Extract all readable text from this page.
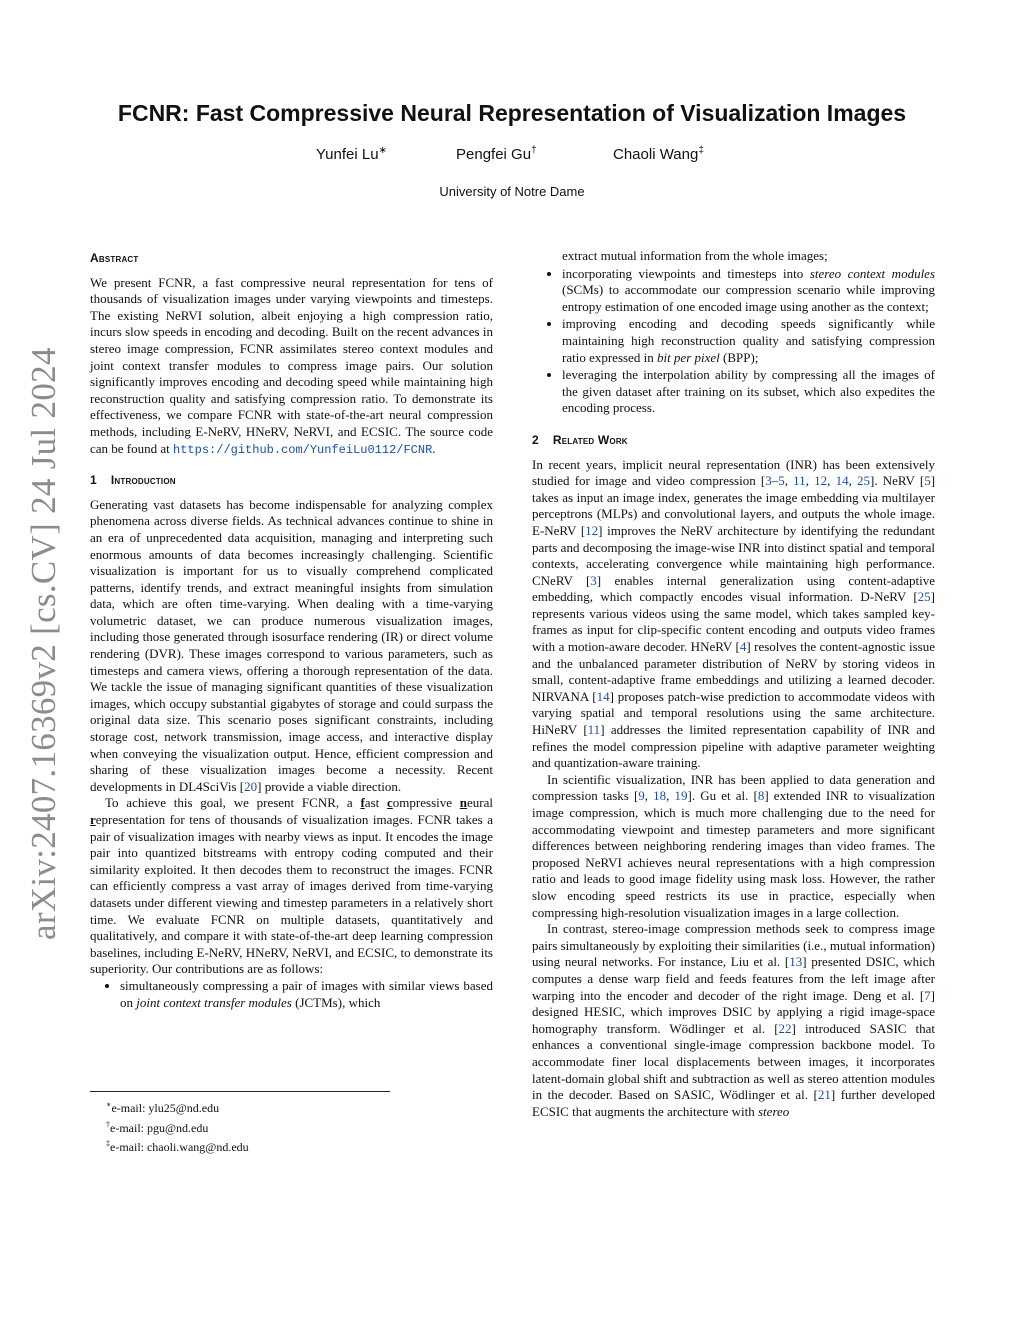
arXiv:2407.16369v2 [cs.CV] 24 Jul 2024
FCNR: Fast Compressive Neural Representation of Visualization Images
Yunfei Lu∗	Pengfei Gu†	Chaoli Wang‡
University of Notre Dame
Abstract

We present FCNR, a fast compressive neural representation for tens of thousands of visualization images under varying viewpoints and timesteps. The existing NeRVI solution, albeit enjoying a high compression ratio, incurs slow speeds in encoding and decoding. Built on the recent advances in stereo image compression, FCNR assimilates stereo context modules and joint context transfer modules to compress image pairs. Our solution significantly improves encoding and decoding speed while maintaining high reconstruction quality and satisfying compression ratio. To demonstrate its effectiveness, we compare FCNR with state-of-the-art neural compression methods, including E-NeRV, HNeRV, NeRVI, and ECSIC. The source code can be found at https://github.com/YunfeiLu0112/FCNR.

1 Introduction

Generating vast datasets has become indispensable for analyzing complex phenomena across diverse fields. As technical advances continue to shine in an era of unprecedented data acquisition, managing and interpreting such enormous amounts of data becomes increasingly challenging. Scientific visualization is important for us to visually comprehend complicated patterns, identify trends, and extract meaningful insights from simulation data, which are often time-varying. When dealing with a time-varying volumetric dataset, we can produce numerous visualization images, including those generated through isosurface rendering (IR) or direct volume rendering (DVR). These images correspond to various parameters, such as timesteps and camera views, offering a thorough representation of the data. We tackle the issue of managing significant quantities of these visualization images, which occupy substantial gigabytes of storage and could surpass the original data size. This scenario poses significant constraints, including storage cost, network transmission, image access, and interactive display when conveying the visualization output. Hence, efficient compression and sharing of these visualization images become a necessity. Recent developments in DL4SciVis [20] provide a viable direction.

To achieve this goal, we present FCNR, a fast compressive neural representation for tens of thousands of visualization images. FCNR takes a pair of visualization images with nearby views as input. It encodes the image pair into quantized bitstreams with entropy coding computed and their similarity exploited. It then decodes them to reconstruct the images. FCNR can efficiently compress a vast array of images derived from time-varying datasets under different viewing and timestep parameters in a relatively short time. We evaluate FCNR on multiple datasets, quantitatively and qualitatively, and compare it with state-of-the-art deep learning compression baselines, including E-NeRV, HNeRV, NeRVI, and ECSIC, to demonstrate its superiority. Our contributions are as follows:

• simultaneously compressing a pair of images with similar views based on joint context transfer modules (JCTMs), which
∗e-mail: ylu25@nd.edu
†e-mail: pgu@nd.edu
‡e-mail: chaoli.wang@nd.edu
extract mutual information from the whole images;
• incorporating viewpoints and timesteps into stereo context modules (SCMs) to accommodate our compression scenario while improving entropy estimation of one encoded image using another as the context;
• improving encoding and decoding speeds significantly while maintaining high reconstruction quality and satisfying compression ratio expressed in bit per pixel (BPP);
• leveraging the interpolation ability by compressing all the images of the given dataset after training on its subset, which also expedites the encoding process.
2 Related Work

In recent years, implicit neural representation (INR) has been extensively studied for image and video compression [3–5, 11, 12, 14, 25]. NeRV [5] takes as input an image index, generates the image embedding via multilayer perceptrons (MLPs) and convolutional layers, and outputs the whole image. E-NeRV [12] improves the NeRV architecture by identifying the redundant parts and decomposing the image-wise INR into distinct spatial and temporal contexts, accelerating convergence while maintaining high performance. CNeRV [3] enables internal generalization using content-adaptive embedding, which compactly encodes visual information. D-NeRV [25] represents various videos using the same model, which takes sampled key-frames as input for clip-specific content encoding and outputs video frames with a motion-aware decoder. HNeRV [4] resolves the content-agnostic issue and the unbalanced parameter distribution of NeRV by storing videos in small, content-adaptive frame embeddings and utilizing a learned decoder. NIRVANA [14] proposes patch-wise prediction to accommodate videos with varying spatial and temporal resolutions using the same architecture. HiNeRV [11] addresses the limited representation capability of INR and refines the model compression pipeline with adaptive parameter weighting and quantization-aware training.

In scientific visualization, INR has been applied to data generation and compression tasks [9, 18, 19]. Gu et al. [8] extended INR to visualization image compression, which is much more challenging due to the need for accommodating viewpoint and timestep parameters and more significant differences between neighboring rendering images than video frames. The proposed NeRVI achieves neural representations with a high compression ratio and leads to good image fidelity using mask loss. However, the rather slow encoding speed restricts its use in practice, especially when compressing high-resolution visualization images in a large collection.

In contrast, stereo-image compression methods seek to compress image pairs simultaneously by exploiting their similarities (i.e., mutual information) using neural networks. For instance, Liu et al. [13] presented DSIC, which computes a dense warp field and feeds features from the left image after warping into the encoder and decoder of the right image. Deng et al. [7] designed HESIC, which improves DSIC by applying a rigid image-space homography transform. Wödlinger et al. [22] introduced SASIC that enhances a conventional single-image compression backbone model. To accommodate finer local displacements between images, it incorporates latent-domain global shift and subtraction as well as stereo attention modules in the decoder. Based on SASIC, Wödlinger et al. [21] further developed ECSIC that augments the architecture with stereo
